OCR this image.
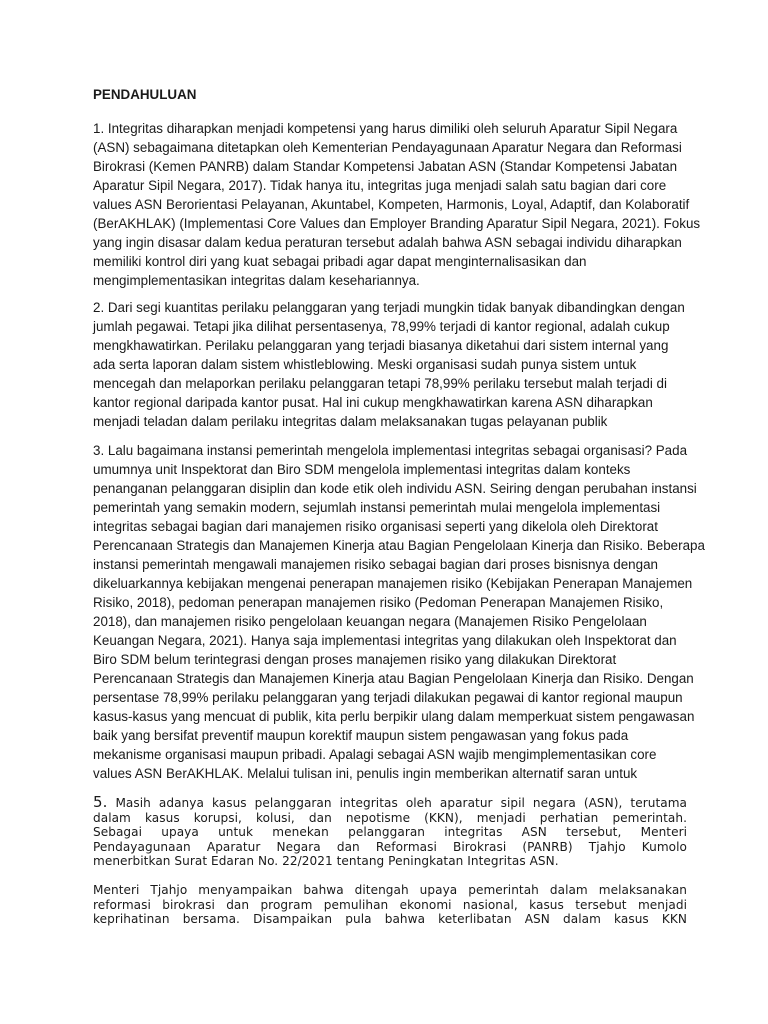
PENDAHULUAN

1. Integritas diharapkan menjadi kompetensi yang harus dimiliki oleh seluruh Aparatur Sipil Negara
(ASN) sebagaimana ditetapkan oleh Kementerian Pendayagunaan Aparatur Negara dan Reformasi
Birokrasi (Kemen PANRB) dalam Standar Kompetensi Jabatan ASN (Standar Kompetensi Jabatan
Aparatur Sipil Negara, 2017). Tidak hanya itu, integritas juga menjadi salah satu bagian dari core
values ASN Berorientasi Pelayanan, Akuntabel, Kompeten, Harmonis, Loyal, Adaptif, dan Kolaboratif
(BerAKHLAK) (Implementasi Core Values dan Employer Branding Aparatur Sipil Negara, 2021). Fokus
yang ingin disasar dalam kedua peraturan tersebut adalah bahwa ASN sebagai individu diharapkan
memiliki kontrol diri yang kuat sebagai pribadi agar dapat menginternalisasikan dan
mengimplementasikan integritas dalam kesehariannya.

2. Dari segi kuantitas perilaku pelanggaran yang terjadi mungkin tidak banyak dibandingkan dengan
jumlah pegawai. Tetapi jika dilihat persentasenya, 78,99% terjadi di kantor regional, adalah cukup
mengkhawatirkan. Perilaku pelanggaran yang terjadi biasanya diketahui dari sistem internal yang
ada serta laporan dalam sistem whistleblowing. Meski organisasi sudah punya sistem untuk
mencegah dan melaporkan perilaku pelanggaran tetapi 78,99% perilaku tersebut malah terjadi di
kantor regional daripada kantor pusat. Hal ini cukup mengkhawatirkan karena ASN diharapkan
menjadi teladan dalam perilaku integritas dalam melaksanakan tugas pelayanan publik

3. Lalu bagaimana instansi pemerintah mengelola implementasi integritas sebagai organisasi? Pada
umumnya unit Inspektorat dan Biro SDM mengelola implementasi integritas dalam konteks
penanganan pelanggaran disiplin dan kode etik oleh individu ASN. Seiring dengan perubahan instansi
pemerintah yang semakin modern, sejumlah instansi pemerintah mulai mengelola implementasi
integritas sebagai bagian dari manajemen risiko organisasi seperti yang dikelola oleh Direktorat
Perencanaan Strategis dan Manajemen Kinerja atau Bagian Pengelolaan Kinerja dan Risiko. Beberapa
instansi pemerintah mengawali manajemen risiko sebagai bagian dari proses bisnisnya dengan
dikeluarkannya kebijakan mengenai penerapan manajemen risiko (Kebijakan Penerapan Manajemen
Risiko, 2018), pedoman penerapan manajemen risiko (Pedoman Penerapan Manajemen Risiko,
2018), dan manajemen risiko pengelolaan keuangan negara (Manajemen Risiko Pengelolaan
Keuangan Negara, 2021). Hanya saja implementasi integritas yang dilakukan oleh Inspektorat dan
Biro SDM belum terintegrasi dengan proses manajemen risiko yang dilakukan Direktorat
Perencanaan Strategis dan Manajemen Kinerja atau Bagian Pengelolaan Kinerja dan Risiko. Dengan
persentase 78,99% perilaku pelanggaran yang terjadi dilakukan pegawai di kantor regional maupun
kasus-kasus yang mencuat di publik, kita perlu berpikir ulang dalam memperkuat sistem pengawasan
baik yang bersifat preventif maupun korektif maupun sistem pengawasan yang fokus pada
mekanisme organisasi maupun pribadi. Apalagi sebagai ASN wajib mengimplementasikan core
values ASN BerAKHLAK. Melalui tulisan ini, penulis ingin memberikan alternatif saran untuk

5. Masih adanya kasus pelanggaran integritas oleh aparatur sipil negara (ASN), terutama
dalam kasus korupsi, kolusi, dan nepotisme (KKN), menjadi perhatian pemerintah.
Sebagai upaya untuk menekan pelanggaran integritas ASN tersebut, Menteri
Pendayagunaan Aparatur Negara dan Reformasi Birokrasi (PANRB) Tjahjo Kumolo
menerbitkan Surat Edaran No. 22/2021 tentang Peningkatan Integritas ASN.

Menteri Tjahjo menyampaikan bahwa ditengah upaya pemerintah dalam melaksanakan
reformasi birokrasi dan program pemulihan ekonomi nasional, kasus tersebut menjadi
keprihatinan bersama. Disampaikan pula bahwa keterlibatan ASN dalam kasus KKN
